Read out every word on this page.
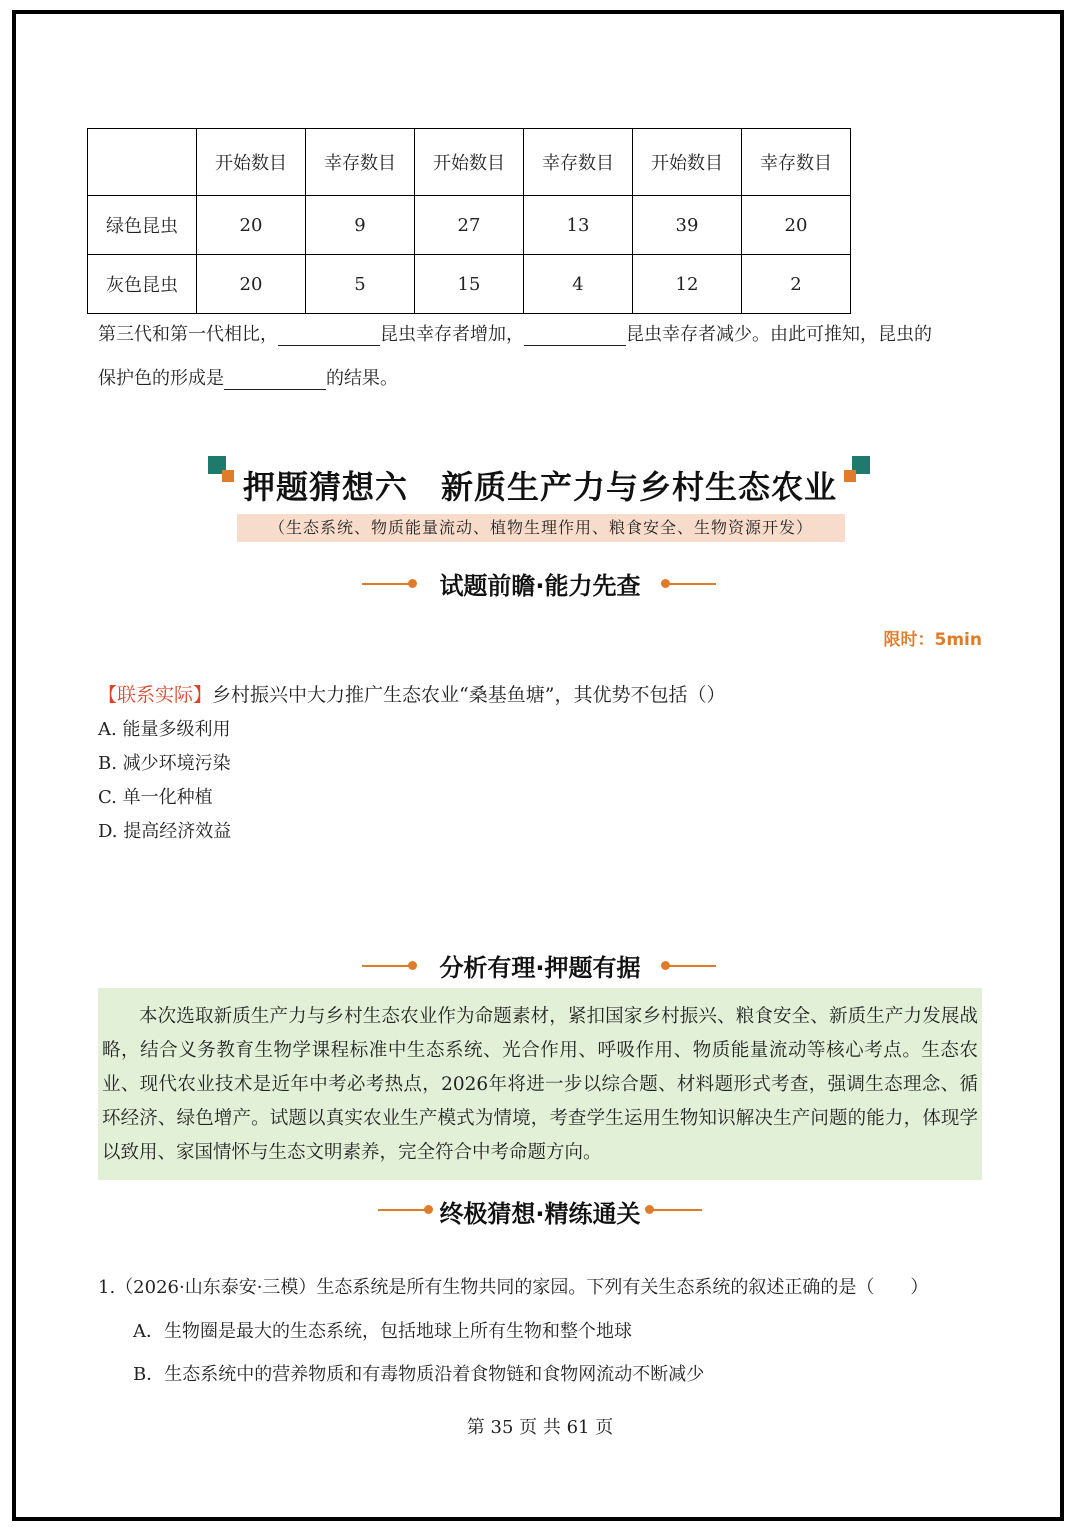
	开始数目	幸存数目	开始数目	幸存数目	开始数目	幸存数目
绿色昆虫	20	9	27	13	39	20
灰色昆虫	20	5	15	4	12	2
第三代和第一代相比，	昆虫幸存者增加，	昆虫幸存者减少。由此可推知，昆虫的
保护色的形成是	的结果。
押题猜想六　新质生产力与乡村生态农业
（生态系统、物质能量流动、植物生理作用、粮食安全、生物资源开发）
试题前瞻·能力先查
限时：5min
【联系实际】乡村振兴中大力推广生态农业“桑基鱼塘”，其优势不包括（）
A. 能量多级利用
B. 减少环境污染
C. 单一化种植
D. 提高经济效益
分析有理·押题有据
本次选取新质生产力与乡村生态农业作为命题素材，紧扣国家乡村振兴、粮食安全、新质生产力发展战略，结合义务教育生物学课程标准中生态系统、光合作用、呼吸作用、物质能量流动等核心考点。生态农业、现代农业技术是近年中考必考热点，2026年将进一步以综合题、材料题形式考查，强调生态理念、循环经济、绿色增产。试题以真实农业生产模式为情境，考查学生运用生物知识解决生产问题的能力，体现学以致用、家国情怀与生态文明素养，完全符合中考命题方向。
终极猜想·精练通关
1.（2026·山东泰安·三模）生态系统是所有生物共同的家园。下列有关生态系统的叙述正确的是（　　）
A．生物圈是最大的生态系统，包括地球上所有生物和整个地球
B．生态系统中的营养物质和有毒物质沿着食物链和食物网流动不断减少
第 35 页 共 61 页
